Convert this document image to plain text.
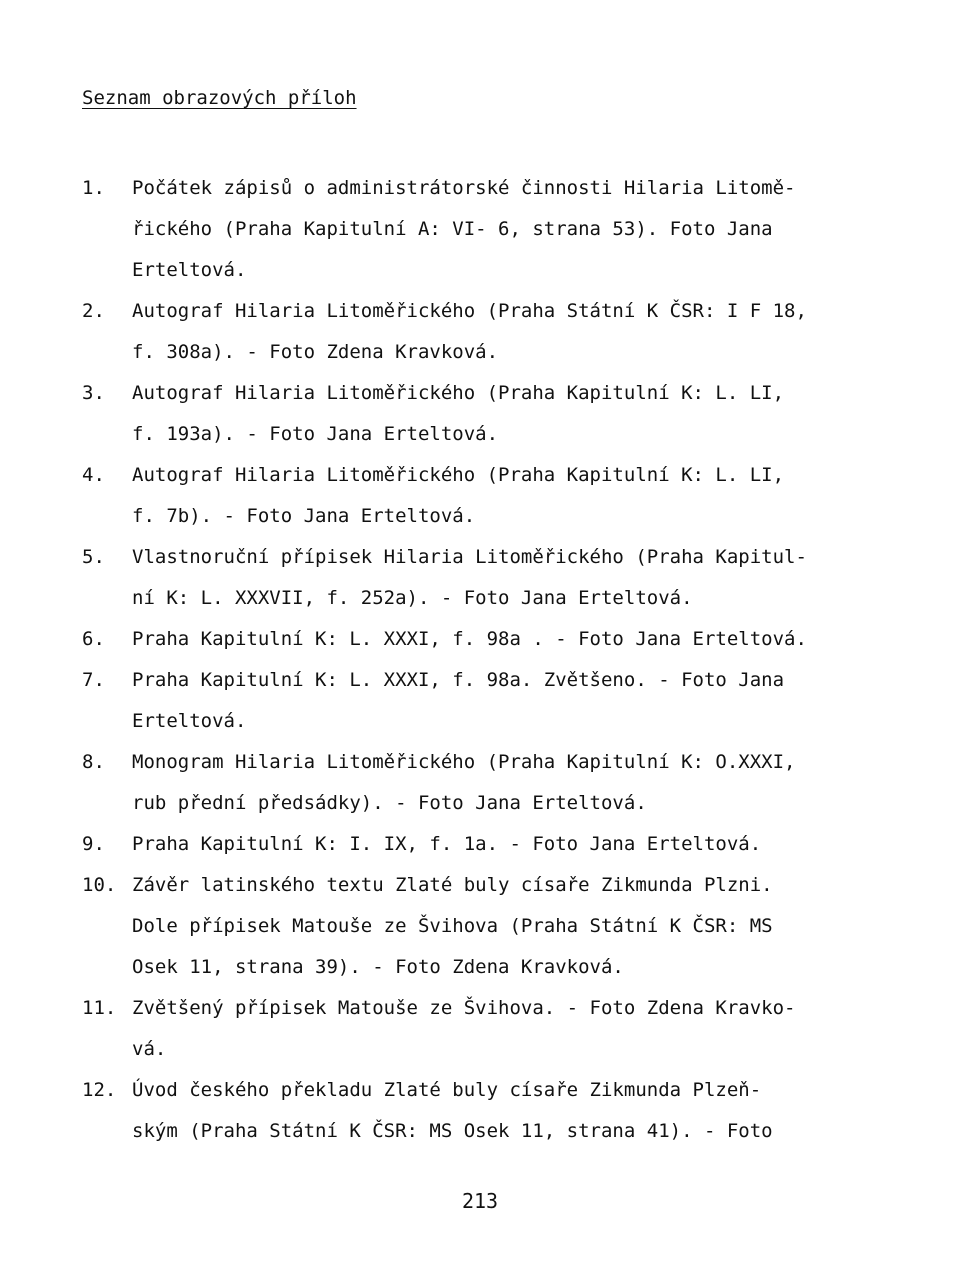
Seznam obrazových příloh
1.	Počátek zápisů o administrátorské činnosti Hilaria Litomě-
řického (Praha Kapitulní A: VI- 6, strana 53). Foto Jana
Erteltová.
2.	Autograf Hilaria Litoměřického (Praha Státní K ČSR: I F 18,
f. 308a). - Foto Zdena Kravková.
3.	Autograf Hilaria Litoměřického (Praha Kapitulní K: L. LI,
f. 193a). - Foto Jana Erteltová.
4.	Autograf Hilaria Litoměřického (Praha Kapitulní K: L. LI,
f. 7b). - Foto Jana Erteltová.
5.	Vlastnoruční přípisek Hilaria Litoměřického (Praha Kapitul-
ní K: L. XXXVII, f. 252a). - Foto Jana Erteltová.
6.	Praha Kapitulní K: L. XXXI, f. 98a . - Foto Jana Erteltová.
7.	Praha Kapitulní K: L. XXXI, f. 98a. Zvětšeno. - Foto Jana
Erteltová.
8.	Monogram Hilaria Litoměřického (Praha Kapitulní K: O.XXXI,
rub přední předsádky). - Foto Jana Erteltová.
9.	Praha Kapitulní K: I. IX, f. 1a. - Foto Jana Erteltová.
10. Závěr latinského textu Zlaté buly císaře Zikmunda Plzni.
Dole přípisek Matouše ze Švihova (Praha Státní K ČSR: MS
Osek 11, strana 39). - Foto Zdena Kravková.
11. Zvětšený přípisek Matouše ze Švihova. - Foto Zdena Kravko-
vá.
12. Úvod českého překladu Zlaté buly císaře Zikmunda Plzeň-
ským (Praha Státní K ČSR: MS Osek 11, strana 41). - Foto
213
